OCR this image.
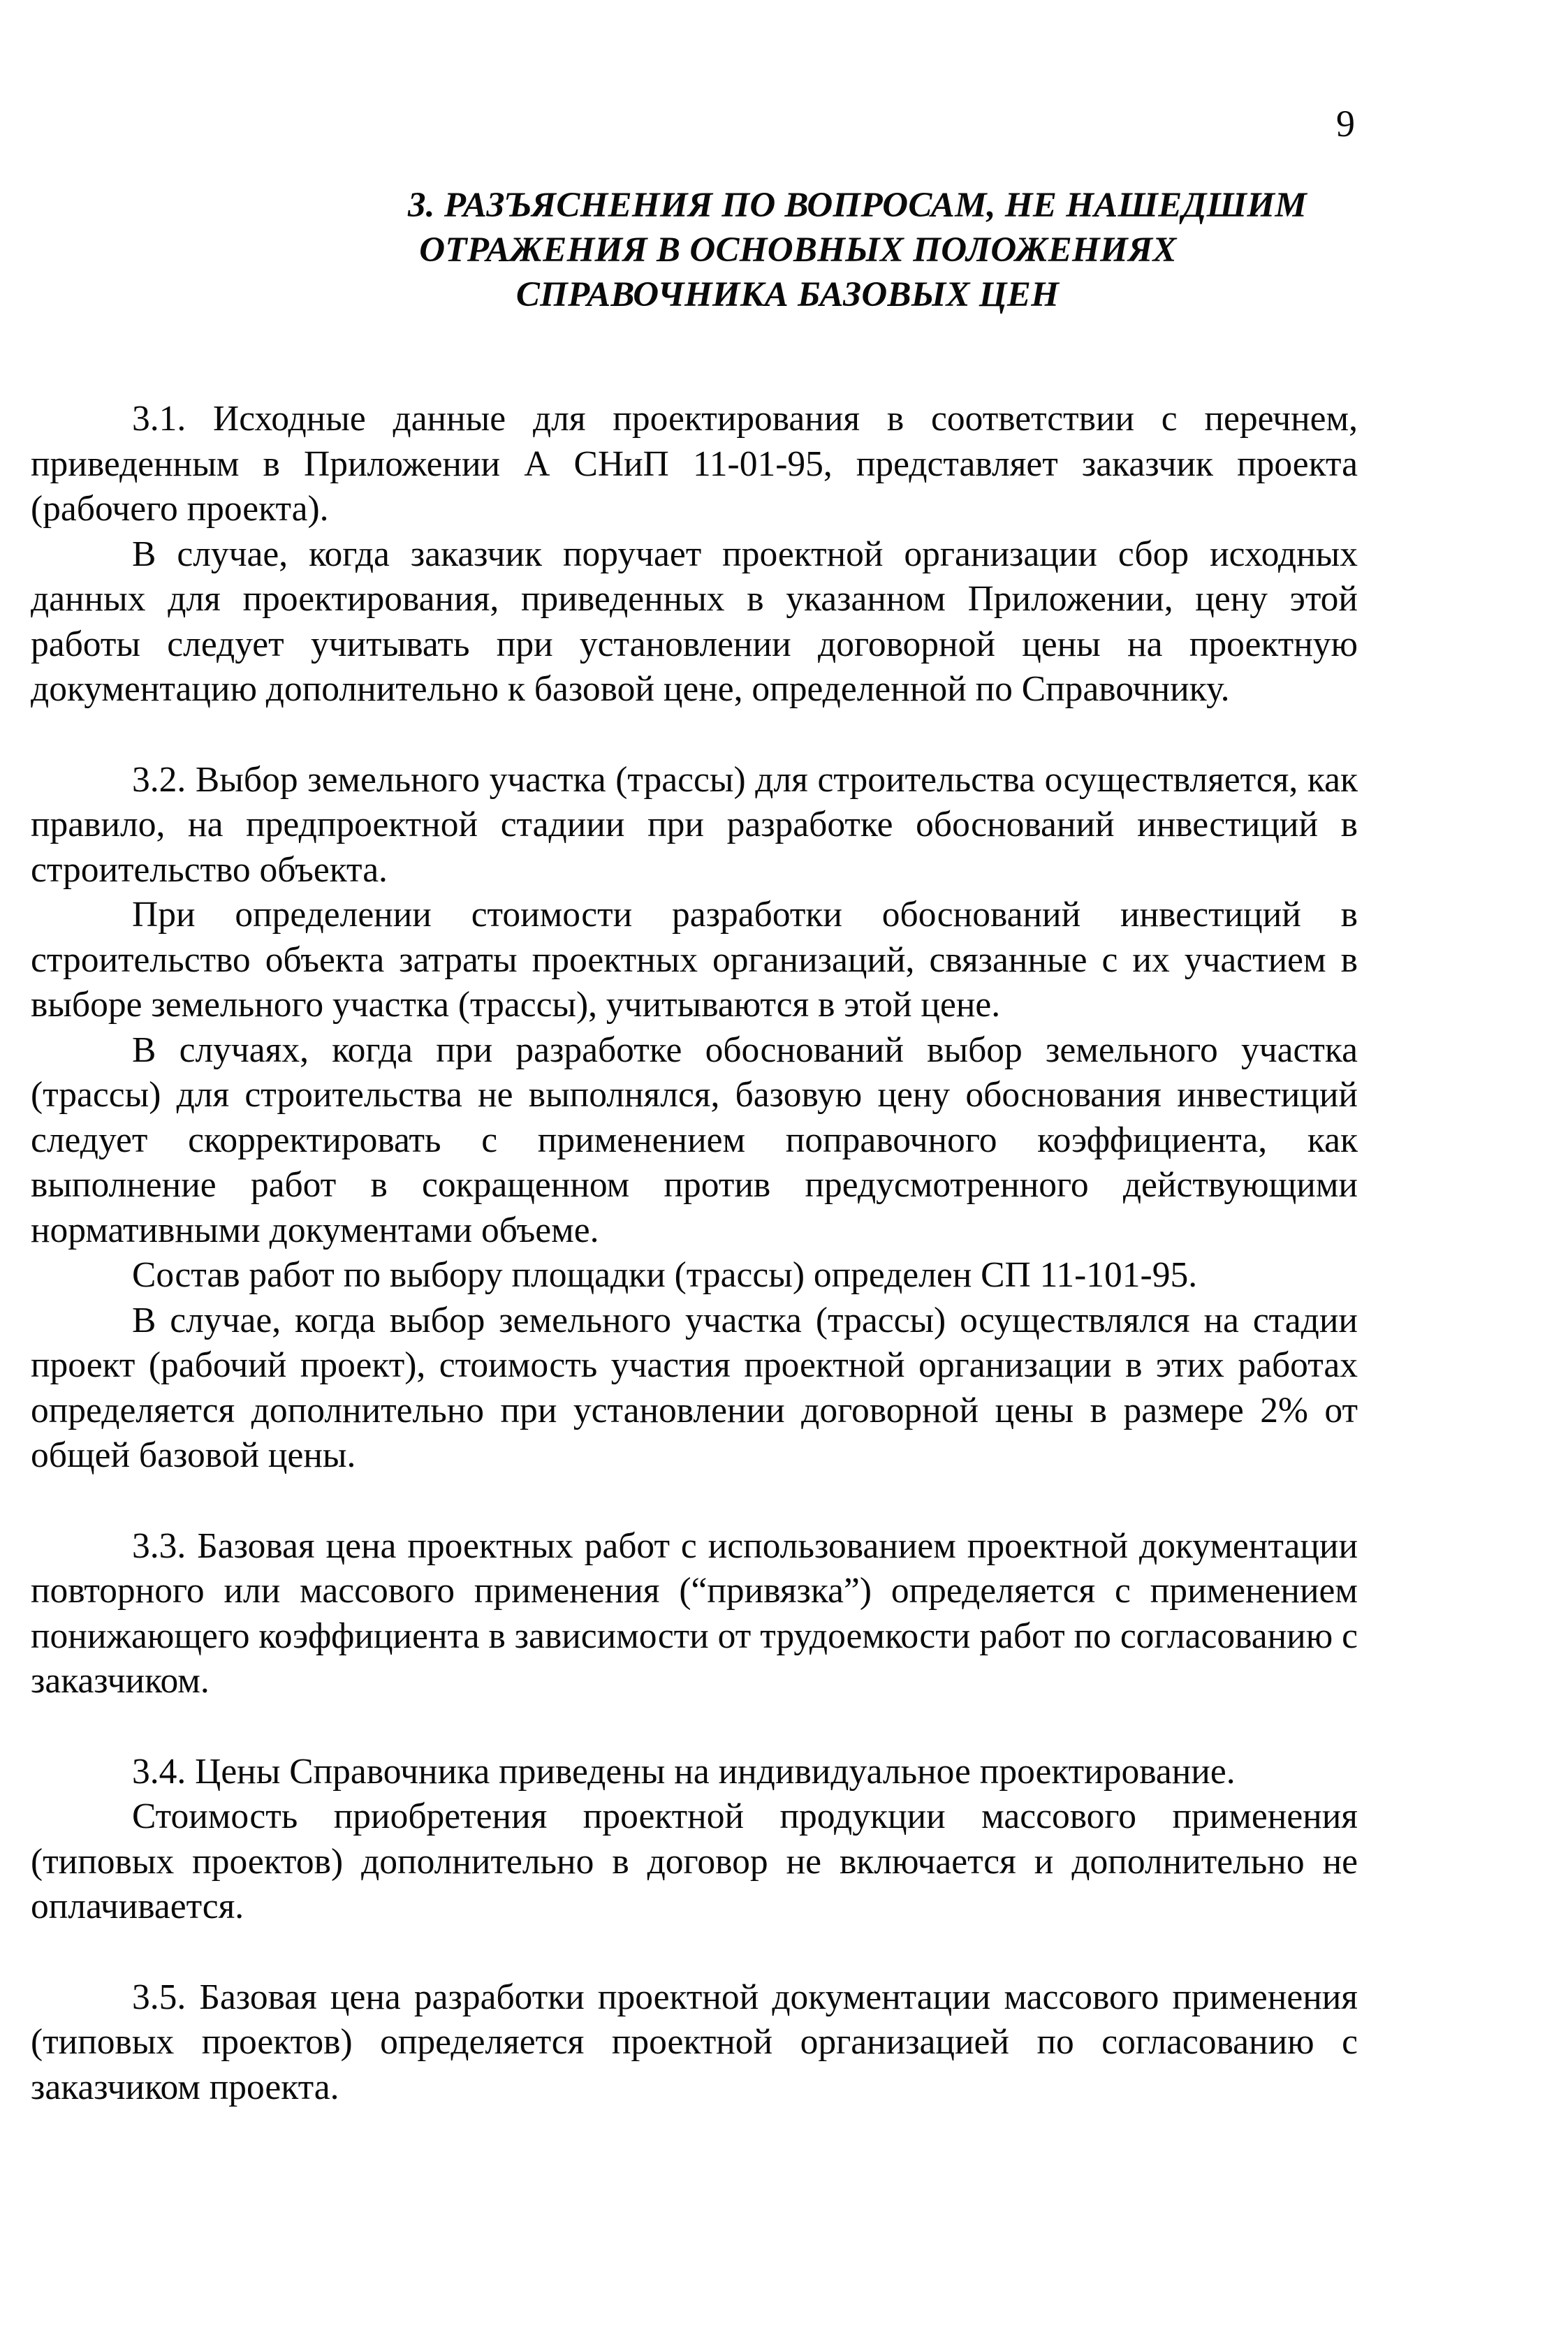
9
3. РАЗЪЯСНЕНИЯ ПО ВОПРОСАМ, НЕ НАШЕДШИМ
ОТРАЖЕНИЯ В ОСНОВНЫХ ПОЛОЖЕНИЯХ
СПРАВОЧНИКА БАЗОВЫХ ЦЕН

3.1. Исходные данные для проектирования в соответствии с перечнем, приведенным в Приложении А СНиП 11-01-95, представляет заказчик проекта (рабочего проекта).

В случае, когда заказчик поручает проектной организации сбор исходных данных для проектирования, приведенных в указанном Приложении, цену этой работы следует учитывать при установлении договорной цены на проектную документацию дополнительно к базовой цене, определенной по Справочнику.

3.2. Выбор земельного участка (трассы) для строительства осуществляется, как правило, на предпроектной стадиии при разработке обоснований инвестиций в строительство объекта.

При определении стоимости разработки обоснований инвестиций в строительство объекта затраты проектных организаций, связанные с их участием в выборе земельного участка (трассы), учитываются в этой цене.

В случаях, когда при разработке обоснований выбор земельного участка (трассы) для строительства не выполнялся, базовую цену обоснования инвестиций следует скорректировать с применением поправочного коэффициента, как выполнение работ в сокращенном против предусмотренного действующими нормативными документами объеме.

Состав работ по выбору площадки (трассы) определен СП 11-101-95.

В случае, когда выбор земельного участка (трассы) осуществлялся на стадии проект (рабочий проект), стоимость участия проектной организации в этих работах определяется дополнительно при установлении договорной цены в размере 2% от общей базовой цены.

3.3. Базовая цена проектных работ с использованием проектной документации повторного или массового применения (“привязка”) определяется с применением понижающего коэффициента в зависимости от трудоемкости работ по согласованию с заказчиком.

3.4. Цены Справочника приведены на индивидуальное проектирование.

Стоимость приобретения проектной продукции массового применения (типовых проектов) дополнительно в договор не включается и дополнительно не оплачивается.

3.5. Базовая цена разработки проектной документации массового применения (типовых проектов) определяется проектной организацией по согласованию с заказчиком проекта.
